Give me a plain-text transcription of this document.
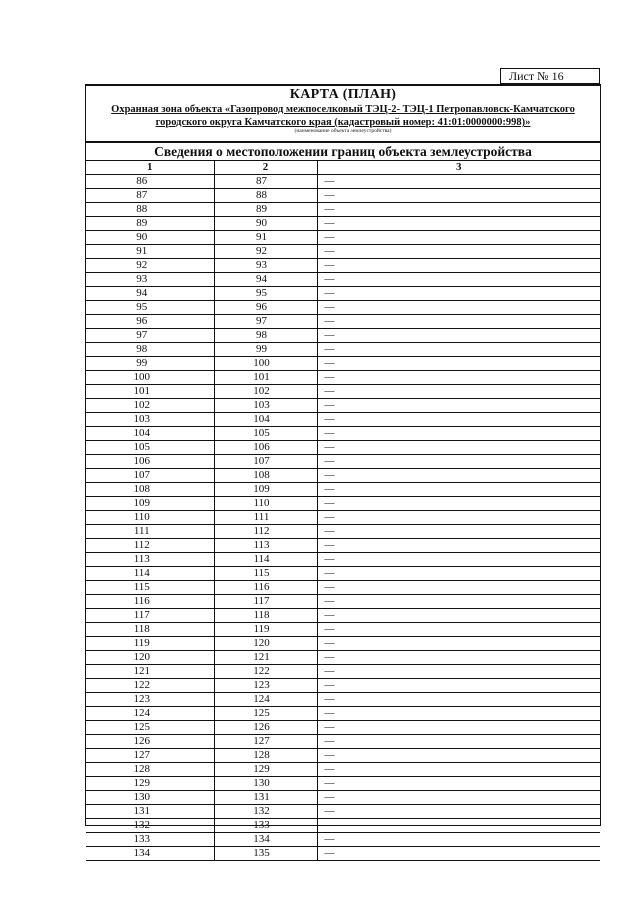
Лист № 16
КАРТА (ПЛАН)
Охранная зона объекта «Газопровод межпоселковый ТЭЦ-2- ТЭЦ-1 Петропавловск-Камчатского
городского округа Камчатского края (кадастровый номер: 41:01:0000000:998)»
(наименование объекта землеустройства)
Сведения о местоположении границ объекта землеустройства
1	2	3
86	87	—
87	88	—
88	89	—
89	90	—
90	91	—
91	92	—
92	93	—
93	94	—
94	95	—
95	96	—
96	97	—
97	98	—
98	99	—
99	100	—
100	101	—
101	102	—
102	103	—
103	104	—
104	105	—
105	106	—
106	107	—
107	108	—
108	109	—
109	110	—
110	111	—
111	112	—
112	113	—
113	114	—
114	115	—
115	116	—
116	117	—
117	118	—
118	119	—
119	120	—
120	121	—
121	122	—
122	123	—
123	124	—
124	125	—
125	126	—
126	127	—
127	128	—
128	129	—
129	130	—
130	131	—
131	132	—
132	133	—
133	134	—
134	135	—
